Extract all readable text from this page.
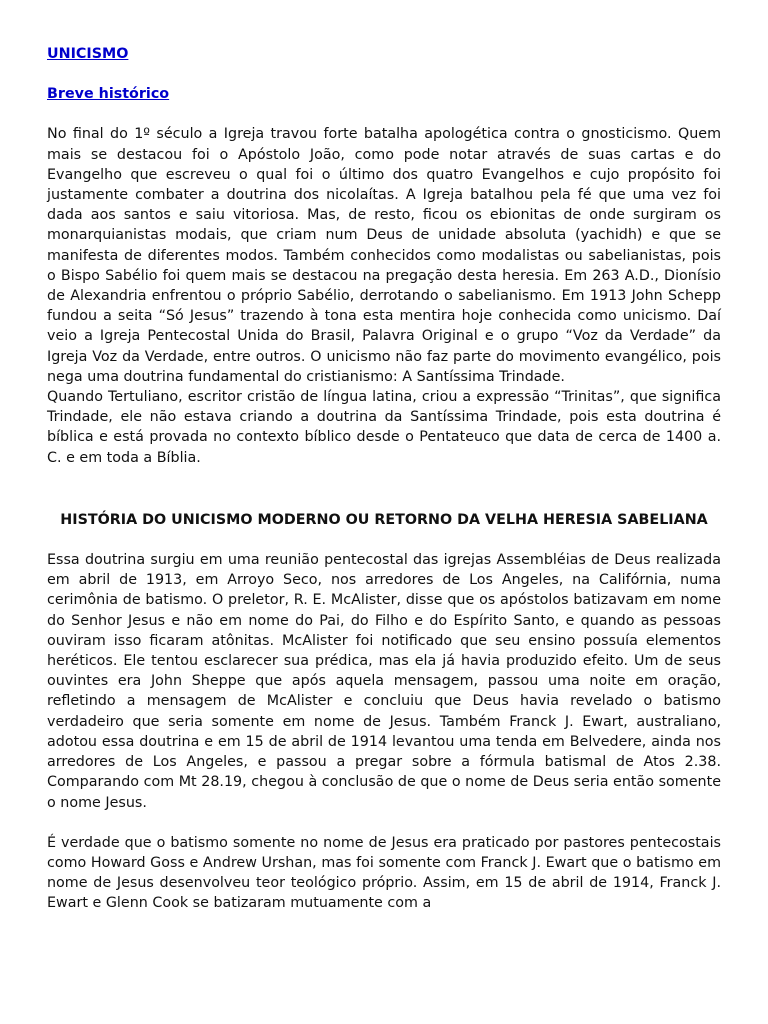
UNICISMO
Breve histórico

No final do 1º século a Igreja travou forte batalha apologética contra o gnosticismo. Quem mais se destacou foi o Apóstolo João, como pode notar através de suas cartas e do Evangelho que escreveu o qual foi o último dos quatro Evangelhos e cujo propósito foi justamente combater a doutrina dos nicolaítas. A Igreja batalhou pela fé que uma vez foi dada aos santos e saiu vitoriosa. Mas, de resto, ficou os ebionitas de onde surgiram os monarquianistas modais, que criam num Deus de unidade absoluta (yachidh) e que se manifesta de diferentes modos. Também conhecidos como modalistas ou sabelianistas, pois o Bispo Sabélio foi quem mais se destacou na pregação desta heresia. Em 263 A.D., Dionísio de Alexandria enfrentou o próprio Sabélio, derrotando o sabelianismo. Em 1913 John Schepp fundou a seita “Só Jesus” trazendo à tona esta mentira hoje conhecida como unicismo. Daí veio a Igreja Pentecostal Unida do Brasil, Palavra Original e o grupo “Voz da Verdade” da Igreja Voz da Verdade, entre outros. O unicismo não faz parte do movimento evangélico, pois nega uma doutrina fundamental do cristianismo: A Santíssima Trindade.

Quando Tertuliano, escritor cristão de língua latina, criou a expressão “Trinitas”, que significa Trindade, ele não estava criando a doutrina da Santíssima Trindade, pois esta doutrina é bíblica e está provada no contexto bíblico desde o Pentateuco que data de cerca de 1400 a. C. e em toda a Bíblia.

HISTÓRIA DO UNICISMO MODERNO OU RETORNO DA VELHA HERESIA SABELIANA

Essa doutrina surgiu em uma reunião pentecostal das igrejas Assembléias de Deus realizada em abril de 1913, em Arroyo Seco, nos arredores de Los Angeles, na Califórnia, numa cerimônia de batismo. O preletor, R. E. McAlister, disse que os apóstolos batizavam em nome do Senhor Jesus e não em nome do Pai, do Filho e do Espírito Santo, e quando as pessoas ouviram isso ficaram atônitas. McAlister foi notificado que seu ensino possuía elementos heréticos. Ele tentou esclarecer sua prédica, mas ela já havia produzido efeito. Um de seus ouvintes era John Sheppe que após aquela mensagem, passou uma noite em oração, refletindo a mensagem de McAlister e concluiu que Deus havia revelado o batismo verdadeiro que seria somente em nome de Jesus. Também Franck J. Ewart, australiano, adotou essa doutrina e em 15 de abril de 1914 levantou uma tenda em Belvedere, ainda nos arredores de Los Angeles, e passou a pregar sobre a fórmula batismal de Atos 2.38. Comparando com Mt 28.19, chegou à conclusão de que o nome de Deus seria então somente o nome Jesus.

É verdade que o batismo somente no nome de Jesus era praticado por pastores pentecostais como Howard Goss e Andrew Urshan, mas foi somente com Franck J. Ewart que o batismo em nome de Jesus desenvolveu teor teológico próprio. Assim, em 15 de abril de 1914, Franck J. Ewart e Glenn Cook se batizaram mutuamente com a
